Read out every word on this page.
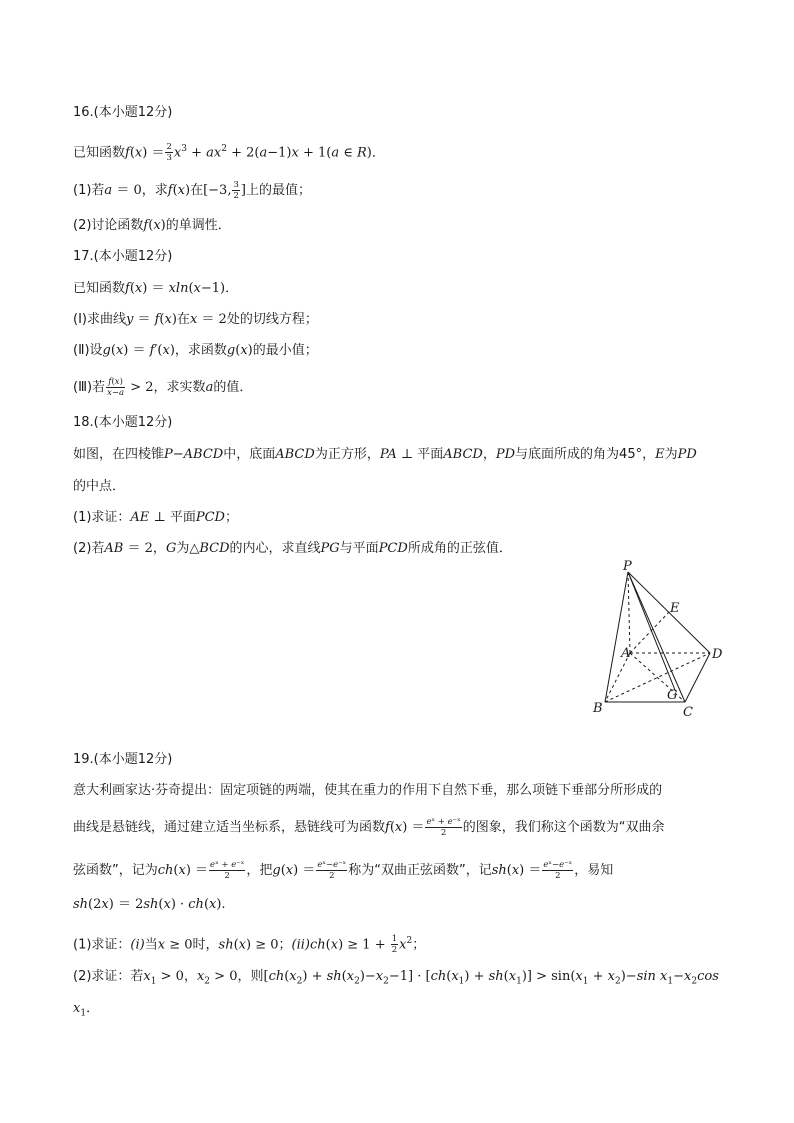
16.(本小题12分)
已知函数$f(x) = \frac{2}{3} x^3 + ax^2 + 2(a-1)x + 1(a$ ∈ R)．
(1)若a ＝ 0，求f(x)在[−3, $\frac{3}{2}$ ]上的最值；
(2)讨论函数f(x)的单调性．
17.(本小题12分)
已知函数f(x) ＝ xln(x−1)．
(Ⅰ)求曲线y ＝ f(x)在x ＝ 2处的切线方程；
(Ⅱ)设g(x) ＝ f′(x)，求函数g(x)的最小值；
(Ⅲ)若 $\frac{f(x)}{x-a} > 2$，求实数a的值．
18.(本小题12分)
如图，在四棱锥P−ABCD中，底面ABCD为正方形，PA ⊥ 平面ABCD，PD与底面所成的角为45°，E为PD
的中点．
(1)求证：AE ⊥ 平面PCD；
(2)若AB ＝ 2，G为△BCD的内心，求直线PG与平面PCD所成角的正弦值．
P
E
A	D
B
G
C
19.(本小题12分)
意大利画家达·芬奇提出：固定项链的两端，使其在重力的作用下自然下垂，那么项链下垂部分所形成的
曲线是悬链线，通过建立适当坐标系，悬链线可为函数$f(x) = \frac{\text{eˣ + e⁻ˣ}}{2}$ 的图象，我们称这个函数为“双曲余
弦函数”，记为$ch(x) = \frac{\text{eˣ + e⁻ˣ}}{2}$ ，把$g(x) = \frac{\text{eˣ−e⁻ˣ}}{2}$ 称为“双曲正弦函数”，记$sh(x) = \frac{\text{eˣ−e⁻ˣ}}{2}$ ，易知
sh(2x) ＝ 2sh(x) · ch(x).
(1)求证：(i)当x ≥ 0时，sh(x) ≥ 0；$(ii)ch(x) \ge 1 + \frac{1}{2} x^2$；
(2)求证：若$x_1 > 0$，$x_2 > 0$，则$[ch(x_2) + sh(x_2)-x_2-1] \cdot [ch(x_1) + sh(x_1)] > \sin(x_1 + x_2)-\sin$ $x_1-x_2\cos$
$x_1$．
